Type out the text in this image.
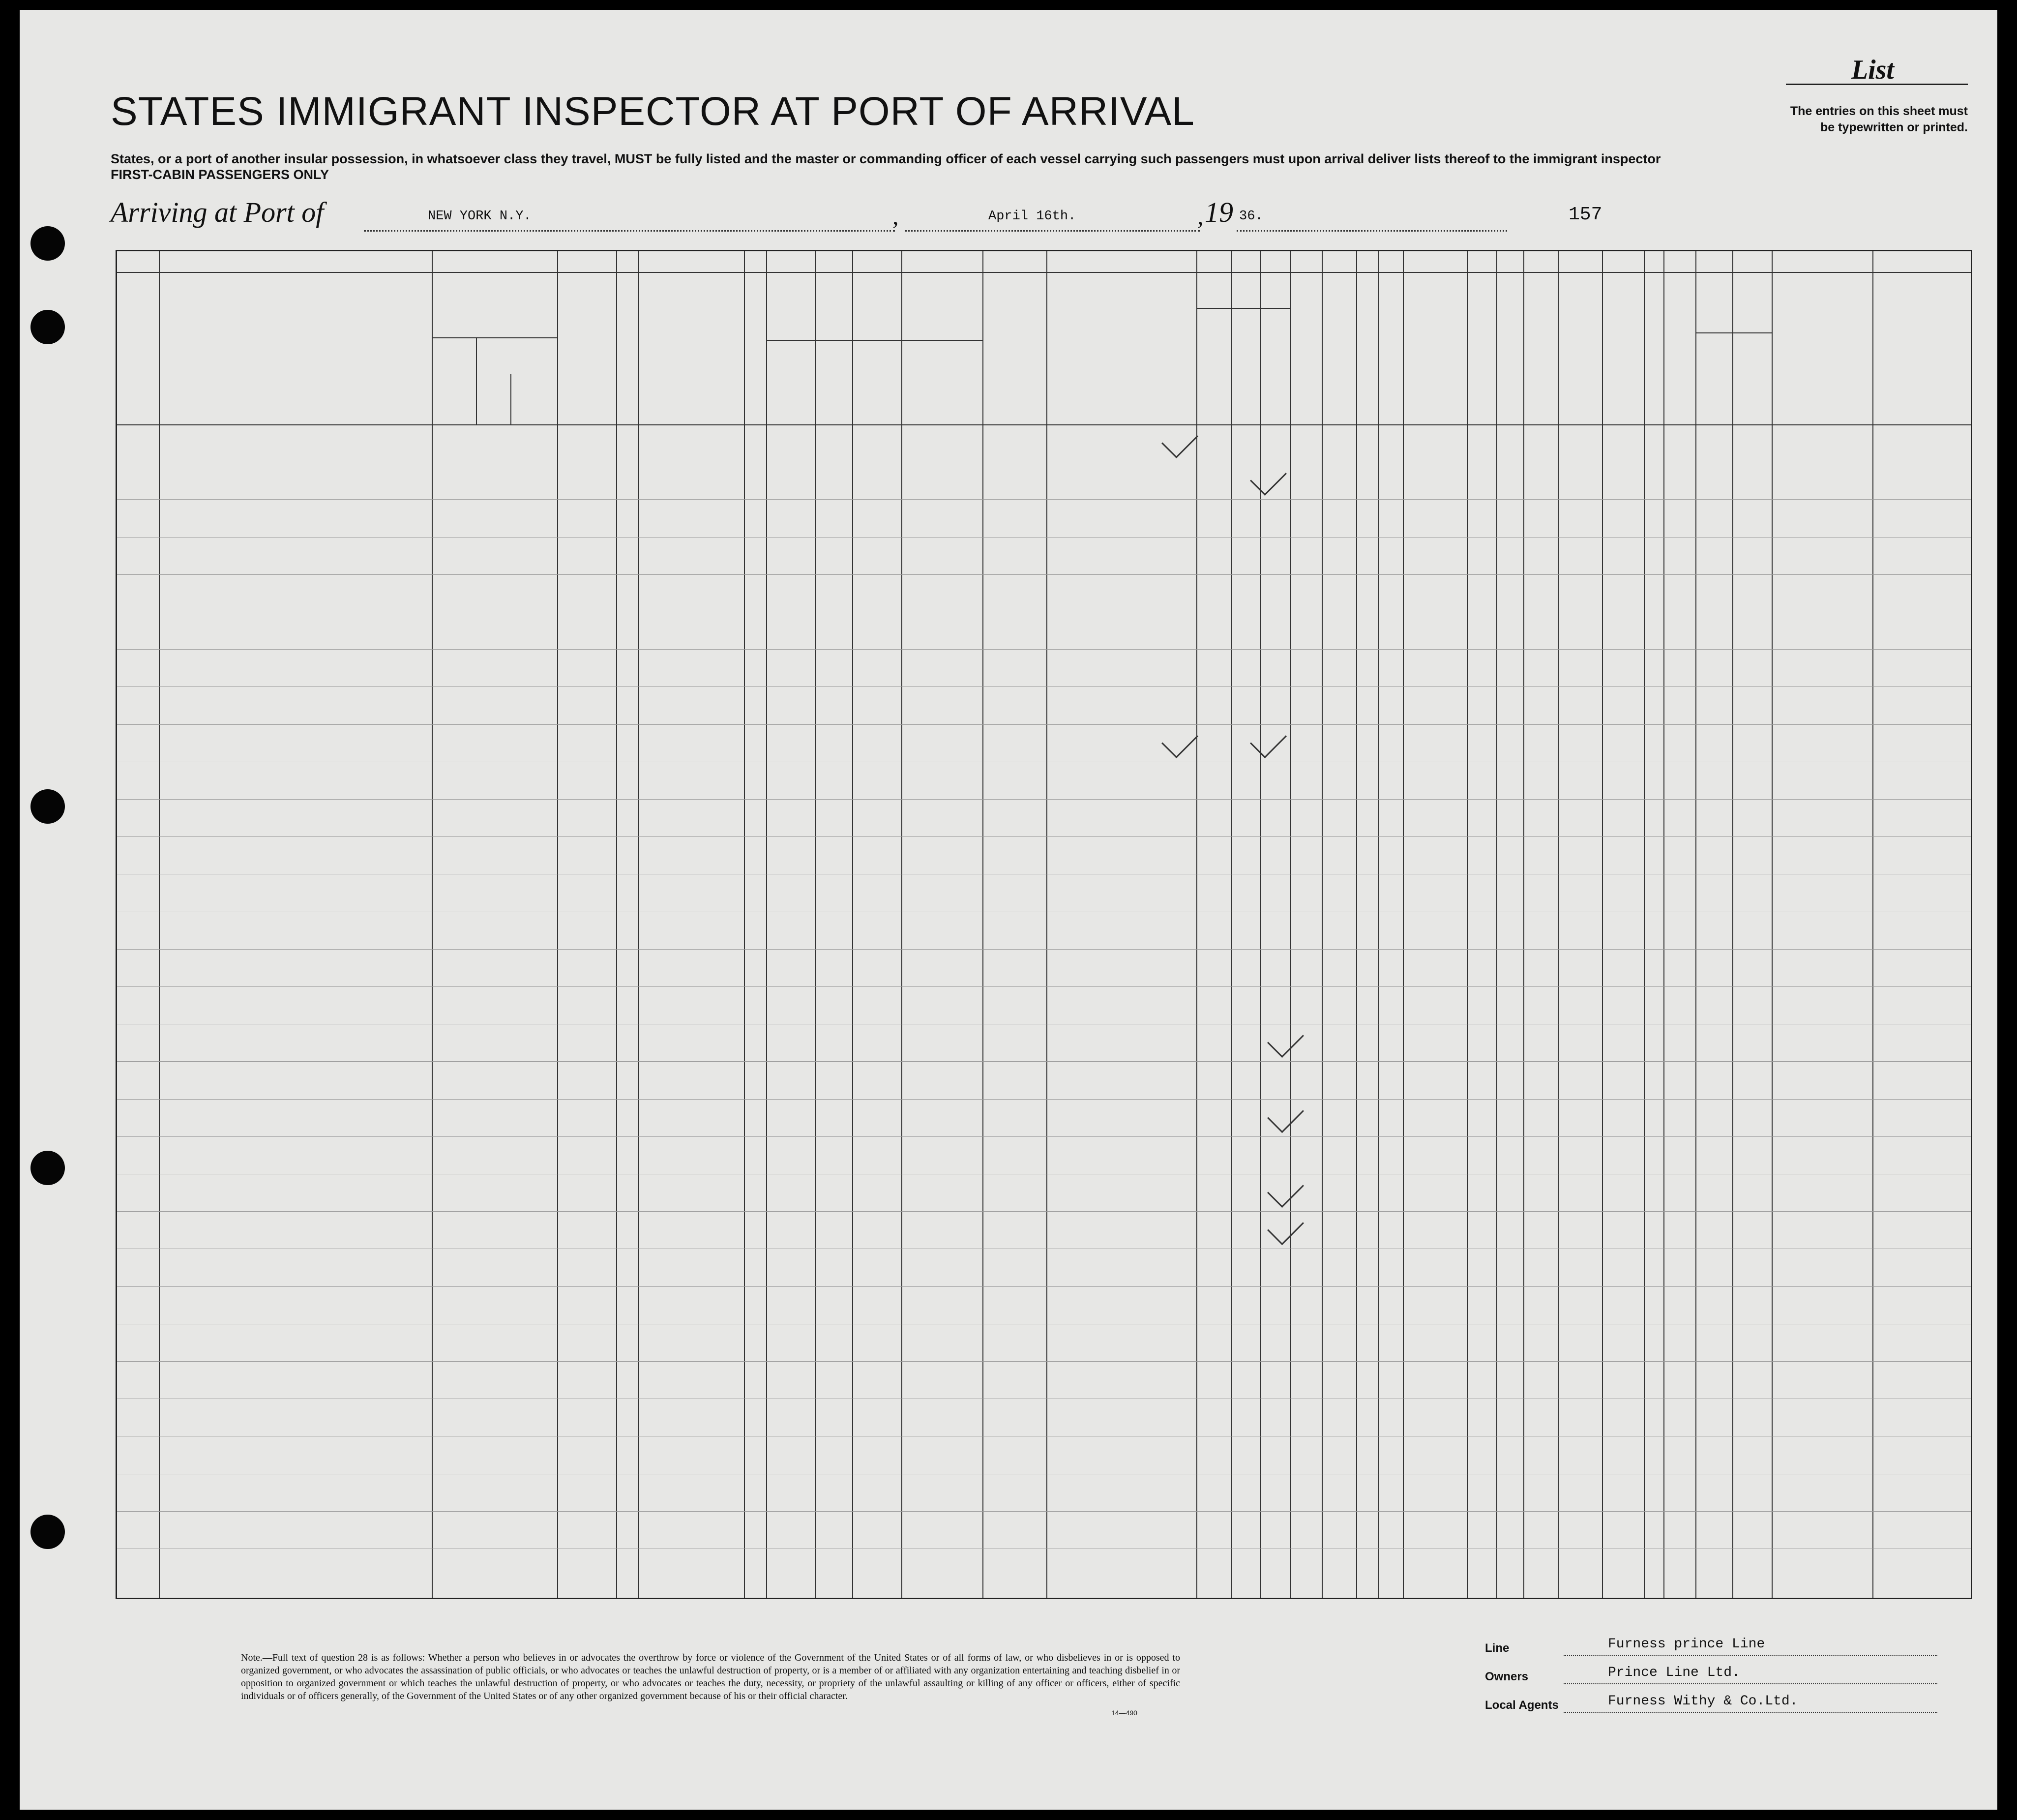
List
The entries on this sheet must
be typewritten or printed.
STATES IMMIGRANT INSPECTOR AT PORT OF ARRIVAL
States, or a port of another insular possession, in whatsoever class they travel, MUST be fully listed and the master or commanding officer of each vessel carrying such passengers must upon arrival deliver lists thereof to the immigrant inspector
FIRST-CABIN PASSENGERS ONLY
Arriving at Port of	NEW YORK N.Y.	,	April 16th.	, 19 36.	157
Note.—Full text of question 28 is as follows: Whether a person who believes in or advocates the overthrow by force or violence of the Government of the United States or of all forms of law, or who disbelieves in or is opposed to organized government, or who advocates the assassination of public officials, or who advocates or teaches the unlawful destruction of property, or is a member of or affiliated with any organization entertaining and teaching disbelief in or opposition to organized government or which teaches the unlawful destruction of property, or who advocates or teaches the duty, necessity, or propriety of the unlawful assaulting or killing of any officer or officers, either of specific individuals or of officers generally, of the Government of the United States or of any other organized government because of his or their official character.
14—490
Line	Furness prince Line
Owners	Prince Line Ltd.
Local Agents	Furness Withy & Co.Ltd.
